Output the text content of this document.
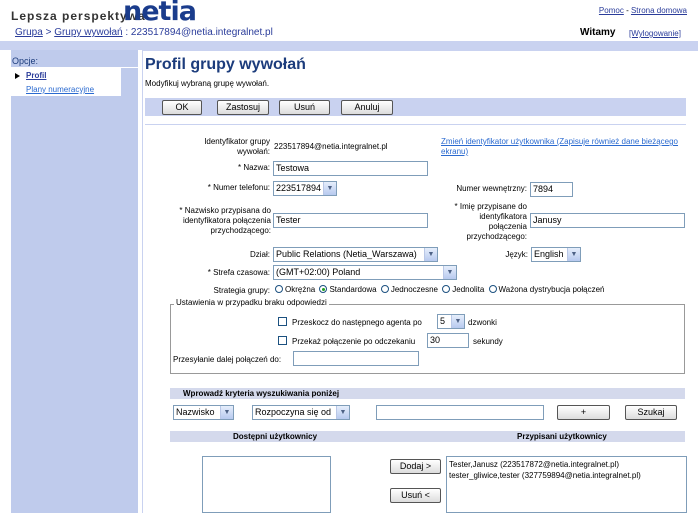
Lepsza perspektywa
netia	Pomoc - Strona domowa
Grupa > Grupy wywołań : 223517894@netia.integralnet.pl	Witamy [Wylogowanie]
Opcje:
Profil
Plany numeracyjne
Profil grupy wywołań
Modyfikuj wybraną grupę wywołań.
OK	Zastosuj	Usuń	Anuluj
Identyfikator grupy wywołań:
223517894@netia.integralnet.pl
Zmień identyfikator użytkownika (Zapisuje również dane bieżącego ekranu)
* Nazwa: Testowa
* Numer telefonu: 223517894 ▼	Numer wewnętrzny: 7894
* Nazwisko przypisana do identyfikatora połączenia przychodzącego:
Tester
* Imię przypisane do identyfikatora połączenia przychodzącego:
Janusy
Dział: Public Relations (Netia_Warszawa)	▼	Język: English	▼
* Strefa czasowa: (GMT+02:00) Poland	▼
Strategia grupy:	Okrężna Standardowa Jednoczesne Jednolita Ważona dystrybucja połączeń
Ustawienia w przypadku braku odpowiedzi
Przeskocz do następnego agenta po	5	▼ dzwonki
Przekaż połączenie po odczekaniu	30	sekundy
Przesyłanie dalej połączeń do:
Wprowadź kryteria wyszukiwania poniżej
Nazwisko	▼	Rozpoczyna się od	▼	+	Szukaj
Dostępni użytkownicy	Przypisani użytkownicy
Dodaj >
Usuń <
Tester,Janusz (223517872@netia.integralnet.pl)
tester_gliwice,tester (327759894@netia.integralnet.pl)
